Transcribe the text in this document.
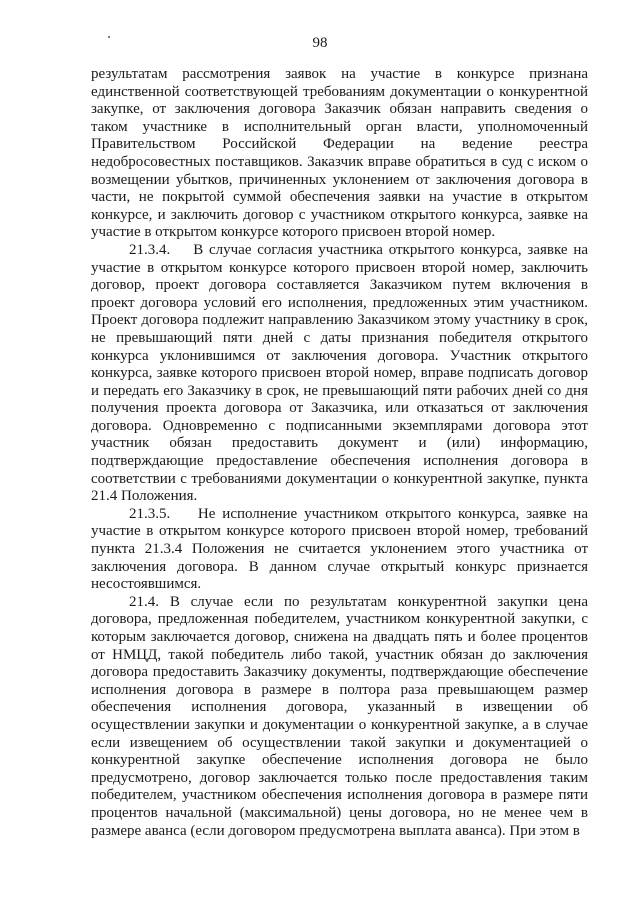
98

результатам рассмотрения заявок на участие в конкурсе признана единственной соответствующей требованиям документации о конкурентной закупке, от заключения договора Заказчик обязан направить сведения о таком участнике в исполнительный орган власти, уполномоченный Правительством Российской Федерации на ведение реестра недобросовестных поставщиков. Заказчик вправе обратиться в суд с иском о возмещении убытков, причиненных уклонением от заключения договора в части, не покрытой суммой обеспечения заявки на участие в открытом конкурсе, и заключить договор с участником открытого конкурса, заявке на участие в открытом конкурсе которого присвоен второй номер.

21.3.4.    В случае согласия участника открытого конкурса, заявке на участие в открытом конкурсе которого присвоен второй номер, заключить договор, проект договора составляется Заказчиком путем включения в проект договора условий его исполнения, предложенных этим участником. Проект договора подлежит направлению Заказчиком этому участнику в срок, не превышающий пяти дней с даты признания победителя открытого конкурса уклонившимся от заключения договора. Участник открытого конкурса, заявке которого присвоен второй номер, вправе подписать договор и передать его Заказчику в срок, не превышающий пяти рабочих дней со дня получения проекта договора от Заказчика, или отказаться от заключения договора. Одновременно с подписанными экземплярами договора этот участник обязан предоставить документ и (или) информацию, подтверждающие предоставление обеспечения исполнения договора в соответствии с требованиями документации о конкурентной закупке, пункта 21.4 Положения.

21.3.5.    Не исполнение участником открытого конкурса, заявке на участие в открытом конкурсе которого присвоен второй номер, требований пункта 21.3.4 Положения не считается уклонением этого участника от заключения договора. В данном случае открытый конкурс признается несостоявшимся.

21.4. В случае если по результатам конкурентной закупки цена договора, предложенная победителем, участником конкурентной закупки, с которым заключается договор, снижена на двадцать пять и более процентов от НМЦД, такой победитель либо такой, участник обязан до заключения договора предоставить Заказчику документы, подтверждающие обеспечение исполнения договора в размере в полтора раза превышающем размер обеспечения исполнения договора, указанный в извещении об осуществлении закупки и документации о конкурентной закупке, а в случае если извещением об осуществлении такой закупки и документацией о конкурентной закупке обеспечение исполнения договора не было предусмотрено, договор заключается только после предоставления таким победителем, участником обеспечения исполнения договора в размере пяти процентов начальной (максимальной) цены договора, но не менее чем в размере аванса (если договором предусмотрена выплата аванса). При этом в
